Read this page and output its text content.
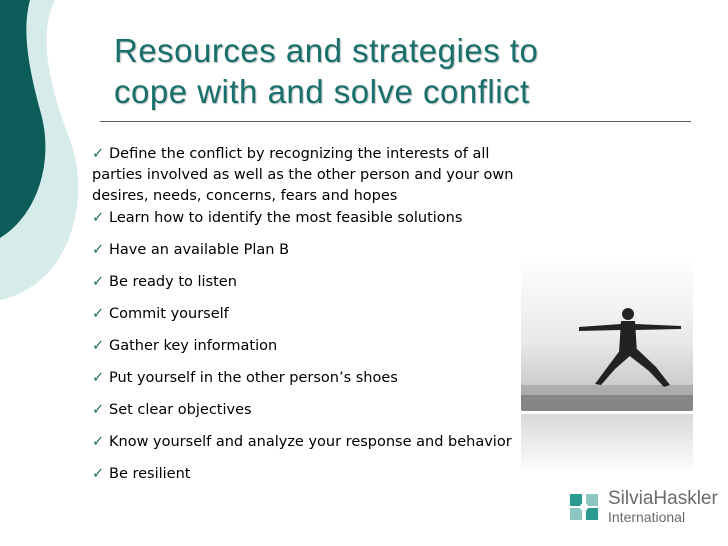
Resources and strategies to
cope with and solve conflict
✓ Define the conflict by recognizing the interests of all parties involved as well as the other person and your own desires, needs, concerns, fears and hopes
✓ Learn how to identify the most feasible solutions
✓ Have an available Plan B
✓ Be ready to listen
✓ Commit yourself
✓ Gather key information
✓ Put yourself in the other person’s shoes
✓ Set clear objectives
✓ Know yourself and analyze your response and behavior
✓ Be resilient
SilviaHaskler
International
